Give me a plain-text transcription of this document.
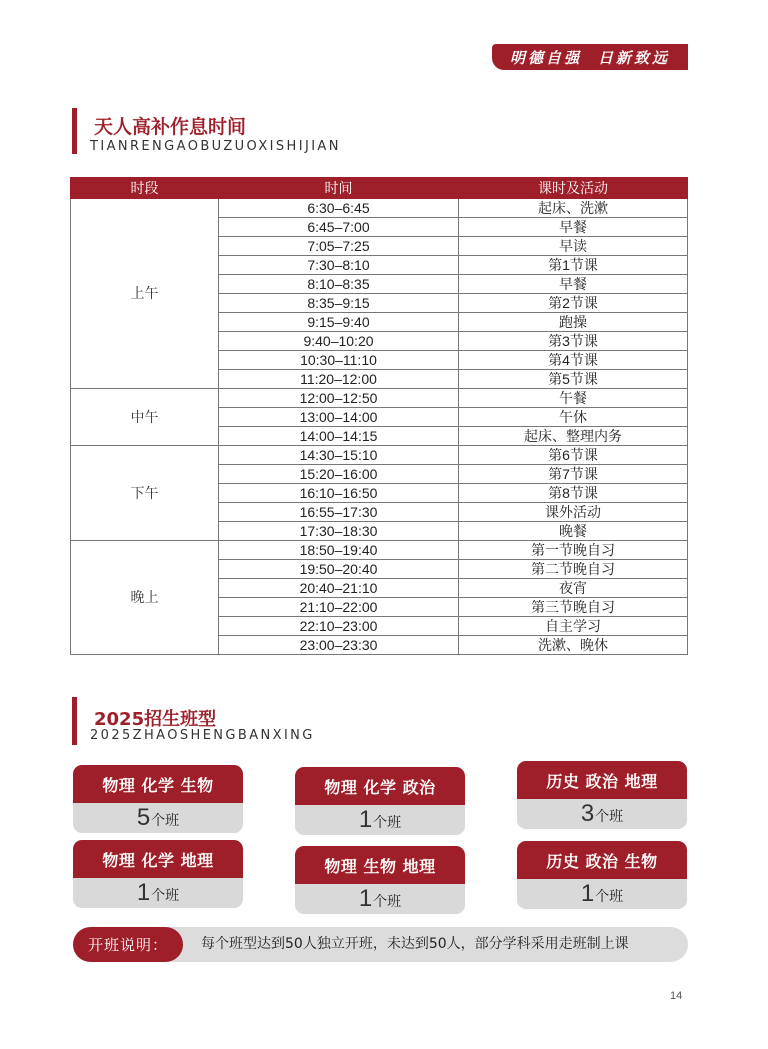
明德自强 日新致远
天人高补作息时间
TIANRENGAOBUZUOXISHIJIAN
时段	时间	课时及活动
上午	6:30–6:45	起床、洗漱
	6:45–7:00	早餐
	7:05–7:25	早读
	7:30–8:10	第1节课
	8:10–8:35	早餐
	8:35–9:15	第2节课
	9:15–9:40	跑操
	9:40–10:20	第3节课
	10:30–11:10	第4节课
	11:20–12:00	第5节课
中午	12:00–12:50	午餐
	13:00–14:00	午休
	14:00–14:15	起床、整理内务
下午	14:30–15:10	第6节课
	15:20–16:00	第7节课
	16:10–16:50	第8节课
	16:55–17:30	课外活动
	17:30–18:30	晚餐
晚上	18:50–19:40	第一节晚自习
	19:50–20:40	第二节晚自习
	20:40–21:10	夜宵
	21:10–22:00	第三节晚自习
	22:10–23:00	自主学习
	23:00–23:30	洗漱、晚休
2025招生班型
2025ZHAOSHENGBANXING
物理 化学 生物
5 个班
物理 化学 政治
1 个班
历史 政治 地理
3 个班
物理 化学 地理
1 个班
物理 生物 地理
1 个班
历史 政治 生物
1 个班
开班说明：	每个班型达到50人独立开班，未达到50人，部分学科采用走班制上课
14
